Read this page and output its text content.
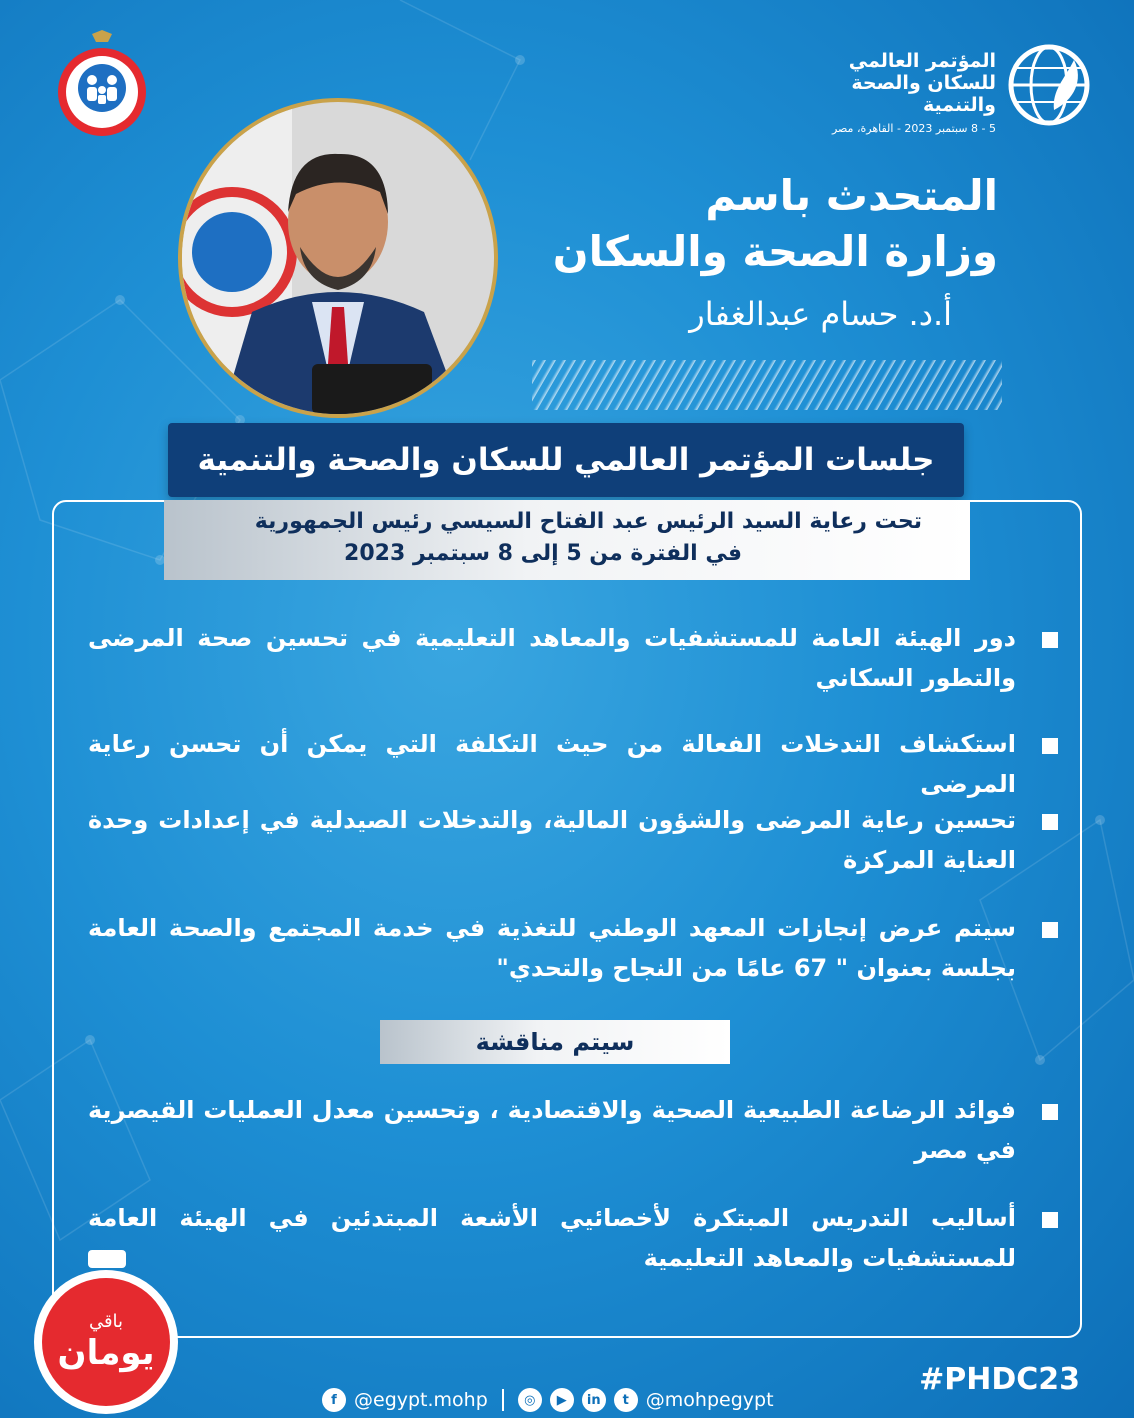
المؤتمر العالمي
للسكان والصحة
والتنمية
5 - 8 سبتمبر 2023 - القاهرة، مصر
المتحدث باسم
وزارة الصحة والسكان
أ.د. حسام عبدالغفار
جلسات المؤتمر العالمي للسكان والصحة والتنمية
تحت رعاية السيد الرئيس عبد الفتاح السيسي رئيس الجمهورية
في الفترة من 5 إلى 8 سبتمبر 2023
دور الهيئة العامة للمستشفيات والمعاهد التعليمية في تحسين صحة المرضى والتطور السكاني
استكشاف التدخلات الفعالة من حيث التكلفة التي يمكن أن تحسن رعاية المرضى
تحسين رعاية المرضى والشؤون المالية، والتدخلات الصيدلية في إعدادات وحدة العناية المركزة
سيتم عرض إنجازات المعهد الوطني للتغذية في خدمة المجتمع والصحة العامة بجلسة بعنوان " 67 عامًا من النجاح والتحدي"
سيتم مناقشة
فوائد الرضاعة الطبيعية الصحية والاقتصادية ، وتحسين معدل العمليات القيصرية في مصر
أساليب التدريس المبتكرة لأخصائيي الأشعة المبتدئين في الهيئة العامة للمستشفيات والمعاهد التعليمية
باقي
يومان
#PHDC23
f @egypt.mohp	◎	▶	in	t @mohpegypt
